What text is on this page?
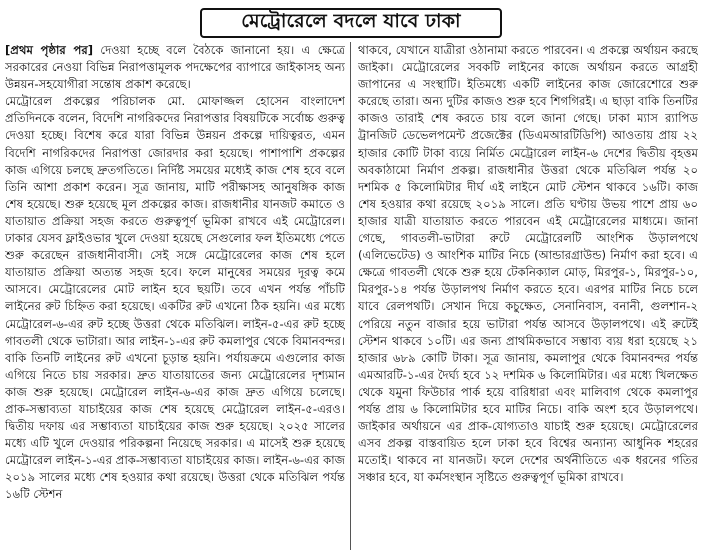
মেট্রোরেলে বদলে যাবে ঢাকা

[প্রথম পৃষ্ঠার পর] দেওয়া হচ্ছে বলে বৈঠকে জানানো হয়। এ ক্ষেত্রে সরকারের নেওয়া বিভিন্ন নিরাপত্তামূলক পদক্ষেপের ব্যাপারে জাইকাসহ অন্য উন্নয়ন-সহযোগীরা সন্তোষ প্রকাশ করেছে।

মেট্রোরেল প্রকল্পের পরিচালক মো. মোফাজ্জল হোসেন বাংলাদেশ প্রতিদিনকে বলেন, বিদেশি নাগরিকদের নিরাপত্তার বিষয়টিকে সর্বোচ্চ গুরুত্ব দেওয়া হচ্ছে। বিশেষ করে যারা বিভিন্ন উন্নয়ন প্রকল্পে দায়িত্বরত, এমন বিদেশি নাগরিকদের নিরাপত্তা জোরদার করা হয়েছে। পাশাপাশি প্রকল্পের কাজ এগিয়ে চলছে দ্রুতগতিতে। নির্দিষ্ট সময়ের মধ্যেই কাজ শেষ হবে বলে তিনি আশা প্রকাশ করেন। সূত্র জানায়, মাটি পরীক্ষাসহ আনুষঙ্গিক কাজ শেষ হয়েছে। শুরু হয়েছে মূল প্রকল্পের কাজ। রাজধানীর যানজট কমাতে ও যাতায়াত প্রক্রিয়া সহজ করতে গুরুত্বপূর্ণ ভূমিকা রাখবে এই মেট্রোরেল। ঢাকার যেসব ফ্লাইওভার খুলে দেওয়া হয়েছে সেগুলোর ফল ইতিমধ্যে পেতে শুরু করেছেন রাজধানীবাসী। সেই সঙ্গে মেট্রোরেলের কাজ শেষ হলে যাতায়াত প্রক্রিয়া অত্যন্ত সহজ হবে। ফলে মানুষের সময়ের দূরত্ব কমে আসবে। মেট্রোরেলের মোট লাইন হবে ছয়টি। তবে এখন পর্যন্ত পাঁচটি লাইনের রুট চিহ্নিত করা হয়েছে। একটির রুট এখনো ঠিক হয়নি। এর মধ্যে মেট্রোরেল-৬-এর রুট হচ্ছে উত্তরা থেকে মতিঝিল। লাইন-৫-এর রুট হচ্ছে গাবতলী থেকে ভাটারা। আর লাইন-১-এর রুট কমলাপুর থেকে বিমানবন্দর। বাকি তিনটি লাইনের রুট এখনো চূড়ান্ত হয়নি। পর্যায়ক্রমে এগুলোর কাজ এগিয়ে নিতে চায় সরকার। দ্রুত যাতায়াতের জন্য মেট্রোরেলের দৃশ্যমান কাজ শুরু হয়েছে। মেট্রোরেল লাইন-৬-এর কাজ দ্রুত এগিয়ে চলেছে। প্রাক-সম্ভাব্যতা যাচাইয়ের কাজ শেষ হয়েছে মেট্রোরেল লাইন-৫-এরও। দ্বিতীয় দফায় এর সম্ভাব্যতা যাচাইয়ের কাজ শুরু হয়েছে। ২০২৫ সালের মধ্যে এটি খুলে দেওয়ার পরিকল্পনা নিয়েছে সরকার। এ মাসেই শুরু হয়েছে মেট্রোরেল লাইন-১-এর প্রাক-সম্ভাব্যতা যাচাইয়ের কাজ। লাইন-৬-এর কাজ ২০১৯ সালের মধ্যে শেষ হওয়ার কথা রয়েছে। উত্তরা থেকে মতিঝিল পর্যন্ত ১৬টি স্টেশন

থাকবে, যেখানে যাত্রীরা ওঠানামা করতে পারবেন। এ প্রকল্পে অর্থায়ন করছে জাইকা। মেট্রোরেলের সবকটি লাইনের কাজে অর্থায়ন করতে আগ্রহী জাপানের এ সংস্থাটি। ইতিমধ্যে একটি লাইনের কাজ জোরেশোরে শুরু করেছে তারা। অন্য দুটির কাজও শুরু হবে শিগগিরই। এ ছাড়া বাকি তিনটির কাজও তারাই শেষ করতে চায় বলে জানা গেছে। ঢাকা ম্যাস র‍্যাপিড ট্রানজিট ডেভেলপমেন্ট প্রজেক্টের (ডিএমআরটিডিপি) আওতায় প্রায় ২২ হাজার কোটি টাকা ব্যয়ে নির্মিত মেট্রোরেল লাইন-৬ দেশের দ্বিতীয় বৃহত্তম অবকাঠামো নির্মাণ প্রকল্প। রাজধানীর উত্তরা থেকে মতিঝিল পর্যন্ত ২০ দশমিক ৫ কিলোমিটার দীর্ঘ এই লাইনে মোট স্টেশন থাকবে ১৬টি। কাজ শেষ হওয়ার কথা রয়েছে ২০১৯ সালে। প্রতি ঘণ্টায় উভয় পাশে প্রায় ৬০ হাজার যাত্রী যাতায়াত করতে পারবেন এই মেট্রোরেলের মাধ্যমে। জানা গেছে, গাবতলী-ভাটারা রুটে মেট্রোরেলটি আংশিক উড়ালপথে (এলিভেটেড) ও আংশিক মাটির নিচে (আন্ডারগ্রাউন্ড) নির্মাণ করা হবে। এ ক্ষেত্রে গাবতলী থেকে শুরু হয়ে টেকনিক্যাল মোড়, মিরপুর-১, মিরপুর-১০, মিরপুর-১৪ পর্যন্ত উড়ালপথ নির্মাণ করতে হবে। এরপর মাটির নিচে চলে যাবে রেলপথটি। সেখান দিয়ে কচুক্ষেত, সেনানিবাস, বনানী, গুলশান-২ পেরিয়ে নতুন বাজার হয়ে ভাটারা পর্যন্ত আসবে উড়ালপথে। এই রুটেই স্টেশন থাকবে ১০টি। এর জন্য প্রাথমিকভাবে সম্ভাব্য ব্যয় ধরা হয়েছে ২১ হাজার ৬৮৯ কোটি টাকা। সূত্র জানায়, কমলাপুর থেকে বিমানবন্দর পর্যন্ত এমআরটি-১-এর দৈর্ঘ্য হবে ১২ দশমিক ৬ কিলোমিটার। এর মধ্যে খিলক্ষেত থেকে যমুনা ফিউচার পার্ক হয়ে বারিধারা এবং মালিবাগ থেকে কমলাপুর পর্যন্ত প্রায় ৬ কিলোমিটার হবে মাটির নিচে। বাকি অংশ হবে উড়ালপথে। জাইকার অর্থায়নে এর প্রাক-যোগ্যতাও যাচাই শুরু হয়েছে। মেট্রোরেলের এসব প্রকল্প বাস্তবায়িত হলে ঢাকা হবে বিশ্বের অন্যান্য আধুনিক শহরের মতোই। থাকবে না যানজট। ফলে দেশের অর্থনীতিতে এক ধরনের গতির সঞ্চার হবে, যা কর্মসংস্থান সৃষ্টিতে গুরুত্বপূর্ণ ভূমিকা রাখবে।
